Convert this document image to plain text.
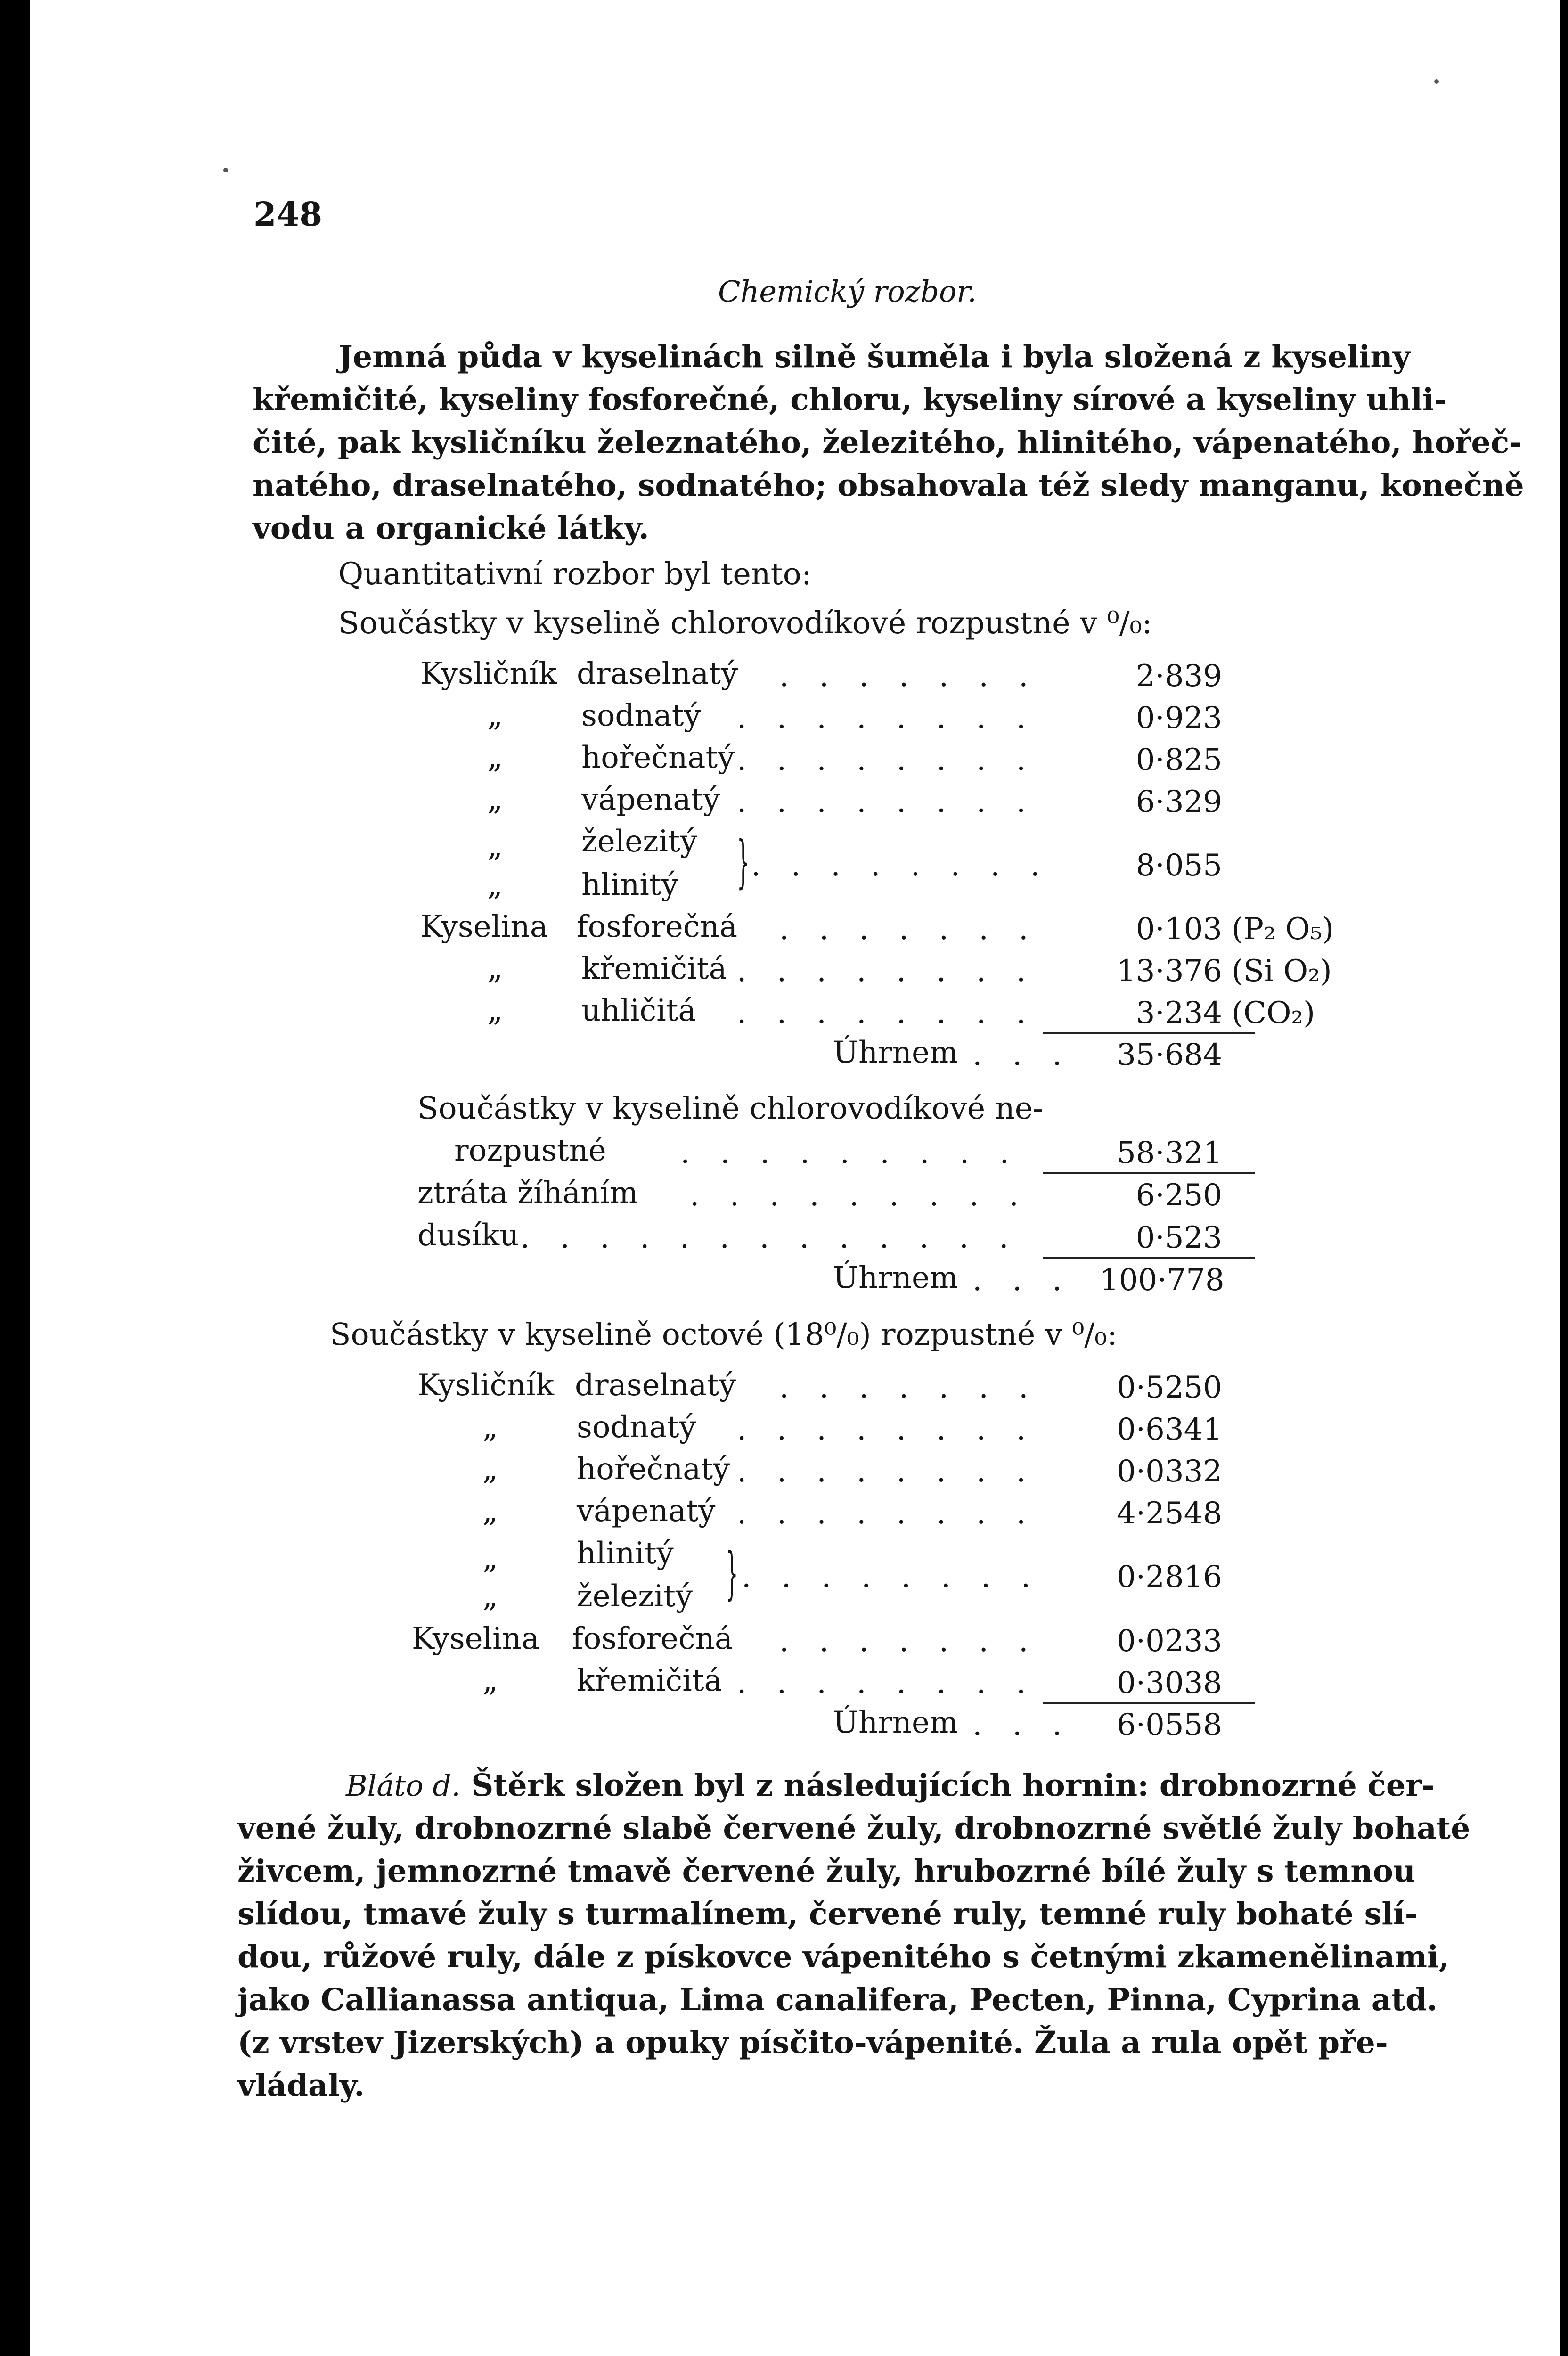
248
Chemický rozbor.
Jemná půda v kyselinách silně šuměla i byla složená z kyseliny
křemičité, kyseliny fosforečné, chloru, kyseliny sírové a kyseliny uhli-
čité, pak kysličníku železnatého, železitého, hlinitého, vápenatého, hořeč-
natého, draselnatého, sodnatého; obsahovala též sledy manganu, konečně
vodu a organické látky.
Quantitativní rozbor byl tento:
Součástky v kyselině chlorovodíkové rozpustné v ⁰/₀:
Kysličník draselnatý . . . . . . .	2·839
„	sodnatý . . . . . . . .	0·923
„	hořečnatý . . . . . . . .	0·825
„	vápenatý . . . . . . . .	6·329
„	železitý
„	hlinitý } . . . . . . . .	8·055
Kyselina fosforečná . . . . . . .	0·103 (P₂ O₅)
„	křemičitá . . . . . . . .	13·376 (Si O₂)
„	uhličitá . . . . . . . .	3·234 (CO₂)
Úhrnem . . .	35·684
Součástky v kyselině chlorovodíkové ne-
rozpustné . . . . . . . . .	58·321
ztráta žíháním . . . . . . . . .	6·250
dusíku . . . . . . . . . . . . .	0·523
Úhrnem . . . 100·778
Součástky v kyselině octové (18⁰/₀) rozpustné v ⁰/₀:
Kysličník draselnatý . . . . . . .	0·5250
„	sodnatý . . . . . . . .	0·6341
„	hořečnatý . . . . . . . .	0·0332
„	vápenatý . . . . . . . .	4·2548
„	hlinitý
„	železitý } . . . . . . . .	0·2816
Kyselina fosforečná . . . . . . .	0·0233
„	křemičitá . . . . . . . .	0·3038
Úhrnem . . .	6·0558
Bláto d. Štěrk složen byl z následujících hornin: drobnozrné čer-
vené žuly, drobnozrné slabě červené žuly, drobnozrné světlé žuly bohaté
živcem, jemnozrné tmavě červené žuly, hrubozrné bílé žuly s temnou
slídou, tmavé žuly s turmalínem, červené ruly, temné ruly bohaté slí-
dou, růžové ruly, dále z pískovce vápenitého s četnými zkamenělinami,
jako Callianassa antiqua, Lima canalifera, Pecten, Pinna, Cyprina atd.
(z vrstev Jizerských) a opuky písčito-vápenité. Žula a rula opět pře-
vládaly.
